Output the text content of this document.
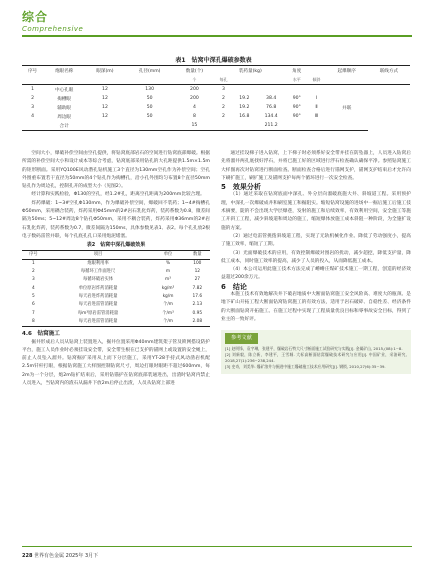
综合
Comprehensive
表1　钻窝中深孔爆破参数表
序号	炮眼名称	眼深(m)	孔径(mm)	数量(个)	装药量(kg)			角度		起爆顺序	联线方式
				个	每孔			水平	倾斜		
1	中心孔眼	12	130	200	3						
2	掏槽眼	12	50	200	2	19.2	38.4	90°	Ⅰ		
3	辅助眼	12	50	4	2	19.2	76.8	90°	Ⅱ	并联	
4	周边眼	12	50	8	2	16.8	134.4	90°	Ⅲ		
	合计			15			211.2				

空间大小，爆破补偿空间由空孔提供，将钻窝底部岩石的空间进行钻窝底部爆破。根据所需的补偿空间大小和设计成本等综合考虑，钻窝底部采用钻孔的大孔距提供1.5m×1.5m的矩形断面。采用YQ100E风动潜孔钻机施工3个直径为130mm空孔作为补偿空间；空孔外围重布置若干直径为50mm的4个钻孔作为掏槽孔，沿小孔外围均匀布置8个直径50mm钻孔作为周边孔，控制孔开的成型大小（见图2）。

经计算和实践检验，Φ130的空孔，经1.2#孔，距离空孔距离为200mm比较合理。

炸药爆破：1~3#空孔Φ130mm，作为爆破补偿空间，爆破回不装药；1~4#掏槽孔Φ50mm，采用耦合装药，炸药采用Φ45mm的2#岩石乳化炸药，装药系数为0.8，微差间隔为50ms；5~12#周边8个钻孔Φ50mm，采用不耦合装药，炸药采用Φ36mm的2#岩石乳化炸药，装药系数为0.7，微差间隔为150ms，具体参数见表1、表2。每个孔孔放2根电子数码雷管并联，每个孔底孔孔口采用炮泥堵塞。

表2　钻窝中深孔爆破效果

序号	项目	单位	数量
1	炮眼利用率	%	100
2	每循环工作面进尺	m	12
3	每循环破岩实体	m³	27
4	单位原岩炸药消耗量	kg/m³	7.82
5	每天岩进炸药消耗量	kg/m	17.6
6	每天岩进雷管消耗量	个/m	2.13
7	每m³原岩雷管消耗量	个/m³	0.95
8	每天岩进雷管消耗量	个/m	2.08

4.6　钻窝施工

掘井形成后人员从钻窝上装置进入，掘井位置采用Φ40mm建筑架子管及锁网搭设防护平台，施工人员作业时必须挂设安全带，安全带生根在已支护的锚网上或设置的安全绳上，前止人员坠入溜井。钻窝掘扩采用从上而下分层施工，采用YT-28手持式风动凿岩机配2.5m钎杆打眼，根据钻窝施工大样图控制钻窝尺寸，周边打眼时眼距不超过600mm，每2m为一个分层，炮2m钻扩结束后，采用钻锚护在钻窝底部装通进出，出渣时钻窝内禁止人员进入，当钻窝内的渣石从漏井下放2m后停止出渣，人员从钻窝上部进

通过挂设梯子进入钻窝，上下梯子时必须系好安全带并挂在防坠器上，人员进入钻窝后先将溜井两孔底找好浮石，并将已施工好的区域进行浮石检查确认确保平净。参照钻窝施工大样图再次对钻窝进行断面检查。断面检查合格后进行锚网支护，锚网支护结束后才允许向下刷扩施工，刷扩施工及锚网支护每两个循环进行一次安全检查。

5　效果分析

（1）通过采取在钻窝底面中深孔、外分层向溜破底施大井、斜坡道工程。采用预护理，中深孔一次爆破成井和刷室施工和掘阻实。缩短钻窝设施的进场中一掘后施工后施工技术摘要，陡的不会出现大学层爆巷，发射的施工和后续效率，有效利用空间，安全施工等施工开斜工工程，减少斜坡道和周边的施工，缩短爆体放施工成本斜阻一种阶段，为全施扩设施的方案。

（2）通过电雷管挑拨斜坡道工程，实现了无轨机械化作业。降低了劳动强度小，提高了施工效率，缩短了工期。

（3）光面爆破技术的应用，有效控制爆破对围岩的扰动，减少超挖，降低支护量，降低工成本，同时施工效率的提高，减少了人员的投入，从而降低施工成本。

（4）本公司运用此施工技术方法完成了嵴嵴庄煤矿技术施工一期工程，创造的经济效益超过200余万元。

6　结论

本施工技术有效地解决井下破岩地质中大断面钻窝施工安全风险高、难度大的瓶颈。是地下矿山开拓工程大断面钻窝钻窝施工的有效方法，适用于岩石破碎、自稳性差、经济条件的大断面钻窝开拓施工。在施工过程中实现了工程质量优良目标和零事故安全目标，得到了业主的一致好评。

参考文献
[1] 赵明锋，袁宇琳，张建平，爆破岩石特大尺寸断面施工试验研究与实践[J]. 金属矿山, 2015,(08):1~8.
[2] 刘新毅，陈立新，李建平，王雪城. 大标高断面钻窝爆破技术研究与应用[J]. 中国矿业，采油研究, 2018,27(1):236~238,244.
[3] 史奇，刘美华. 爆矿溶井与掘进中施工爆破施工技术应用研究[J]. 钢锁, 2010,27(6):35~39.
228 世界有色金属 2025年 3月下
